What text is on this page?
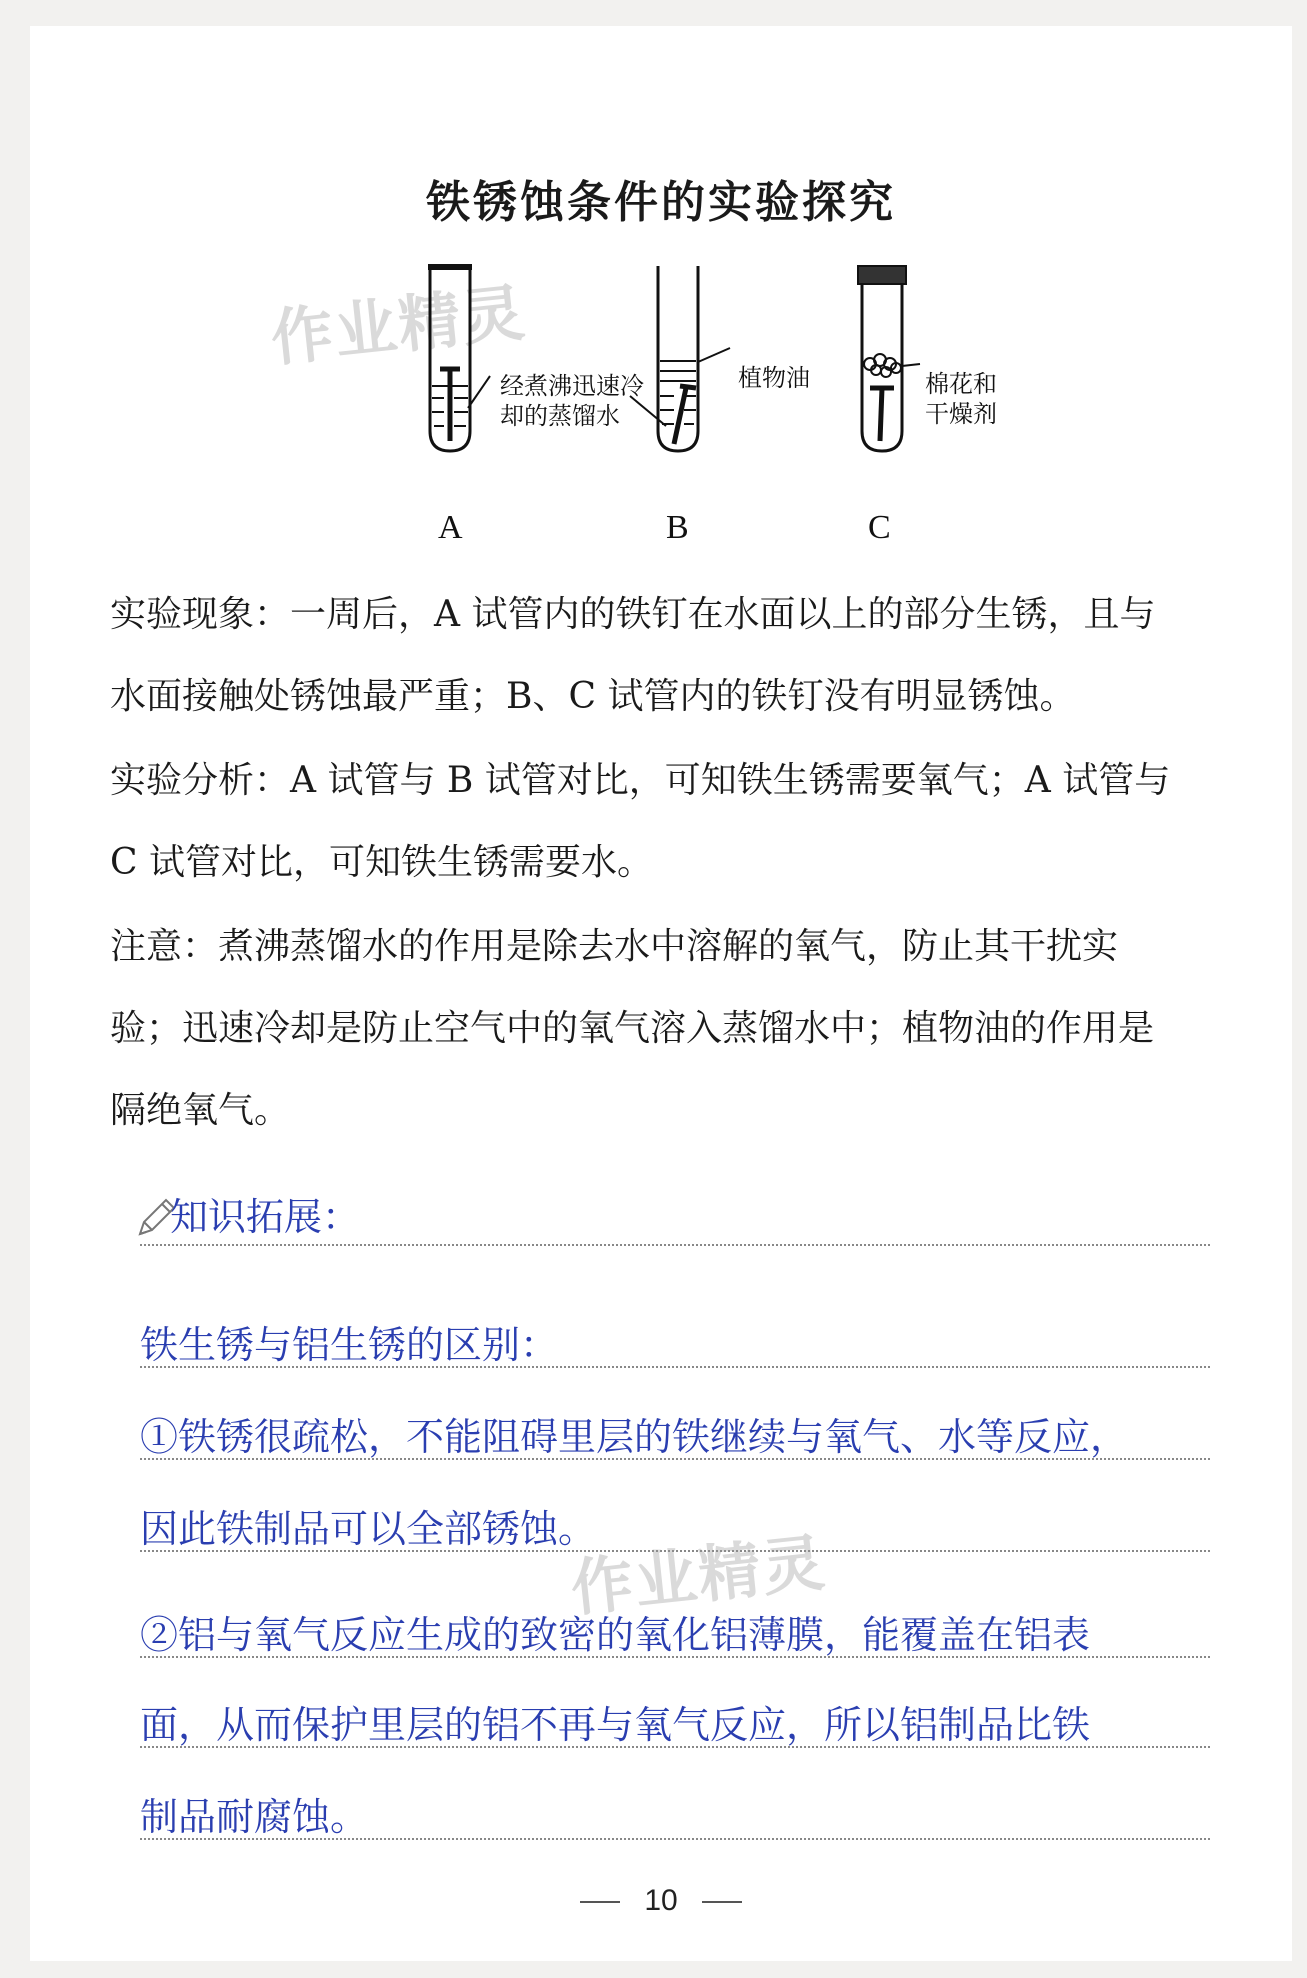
铁锈蚀条件的实验探究
作业精灵
经煮沸迅速冷
却的蒸馏水
植物油	棉花和
干燥剂
A	B	C

实验现象：一周后，A 试管内的铁钉在水面以上的部分生锈，且与
水面接触处锈蚀最严重；B、C 试管内的铁钉没有明显锈蚀。

实验分析：A 试管与 B 试管对比，可知铁生锈需要氧气；A 试管与
C 试管对比，可知铁生锈需要水。

注意：煮沸蒸馏水的作用是除去水中溶解的氧气，防止其干扰实
验；迅速冷却是防止空气中的氧气溶入蒸馏水中；植物油的作用是
隔绝氧气。

知识拓展：

铁生锈与铝生锈的区别：

①铁锈很疏松，不能阻碍里层的铁继续与氧气、水等反应，

因此铁制品可以全部锈蚀。

作业精灵

②铝与氧气反应生成的致密的氧化铝薄膜，能覆盖在铝表

面，从而保护里层的铝不再与氧气反应，所以铝制品比铁

制品耐腐蚀。

10
